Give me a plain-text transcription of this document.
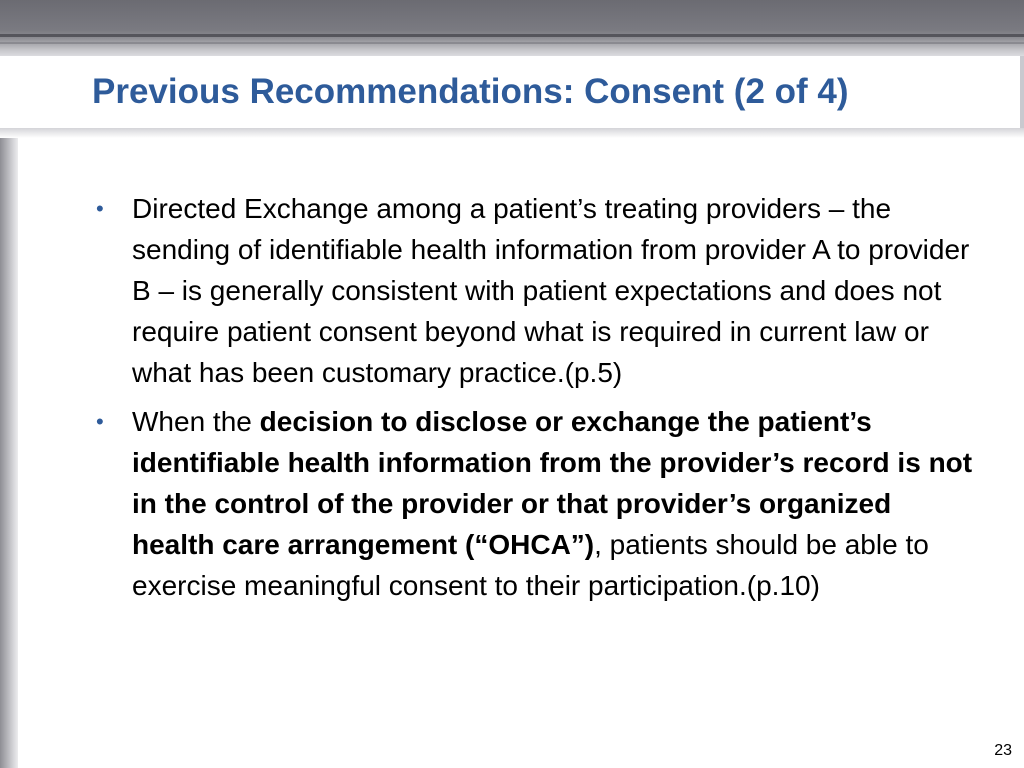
Previous Recommendations: Consent (2 of 4)
•	Directed Exchange among a patient’s treating providers – the sending of identifiable health information from provider A to provider B – is generally consistent with patient expectations and does not require patient consent beyond what is required in current law or what has been customary practice.(p.5)
•	When the decision to disclose or exchange the patient’s identifiable health information from the provider’s record is not in the control of the provider or that provider’s organized health care arrangement (“OHCA”), patients should be able to exercise meaningful consent to their participation.(p.10)
23
